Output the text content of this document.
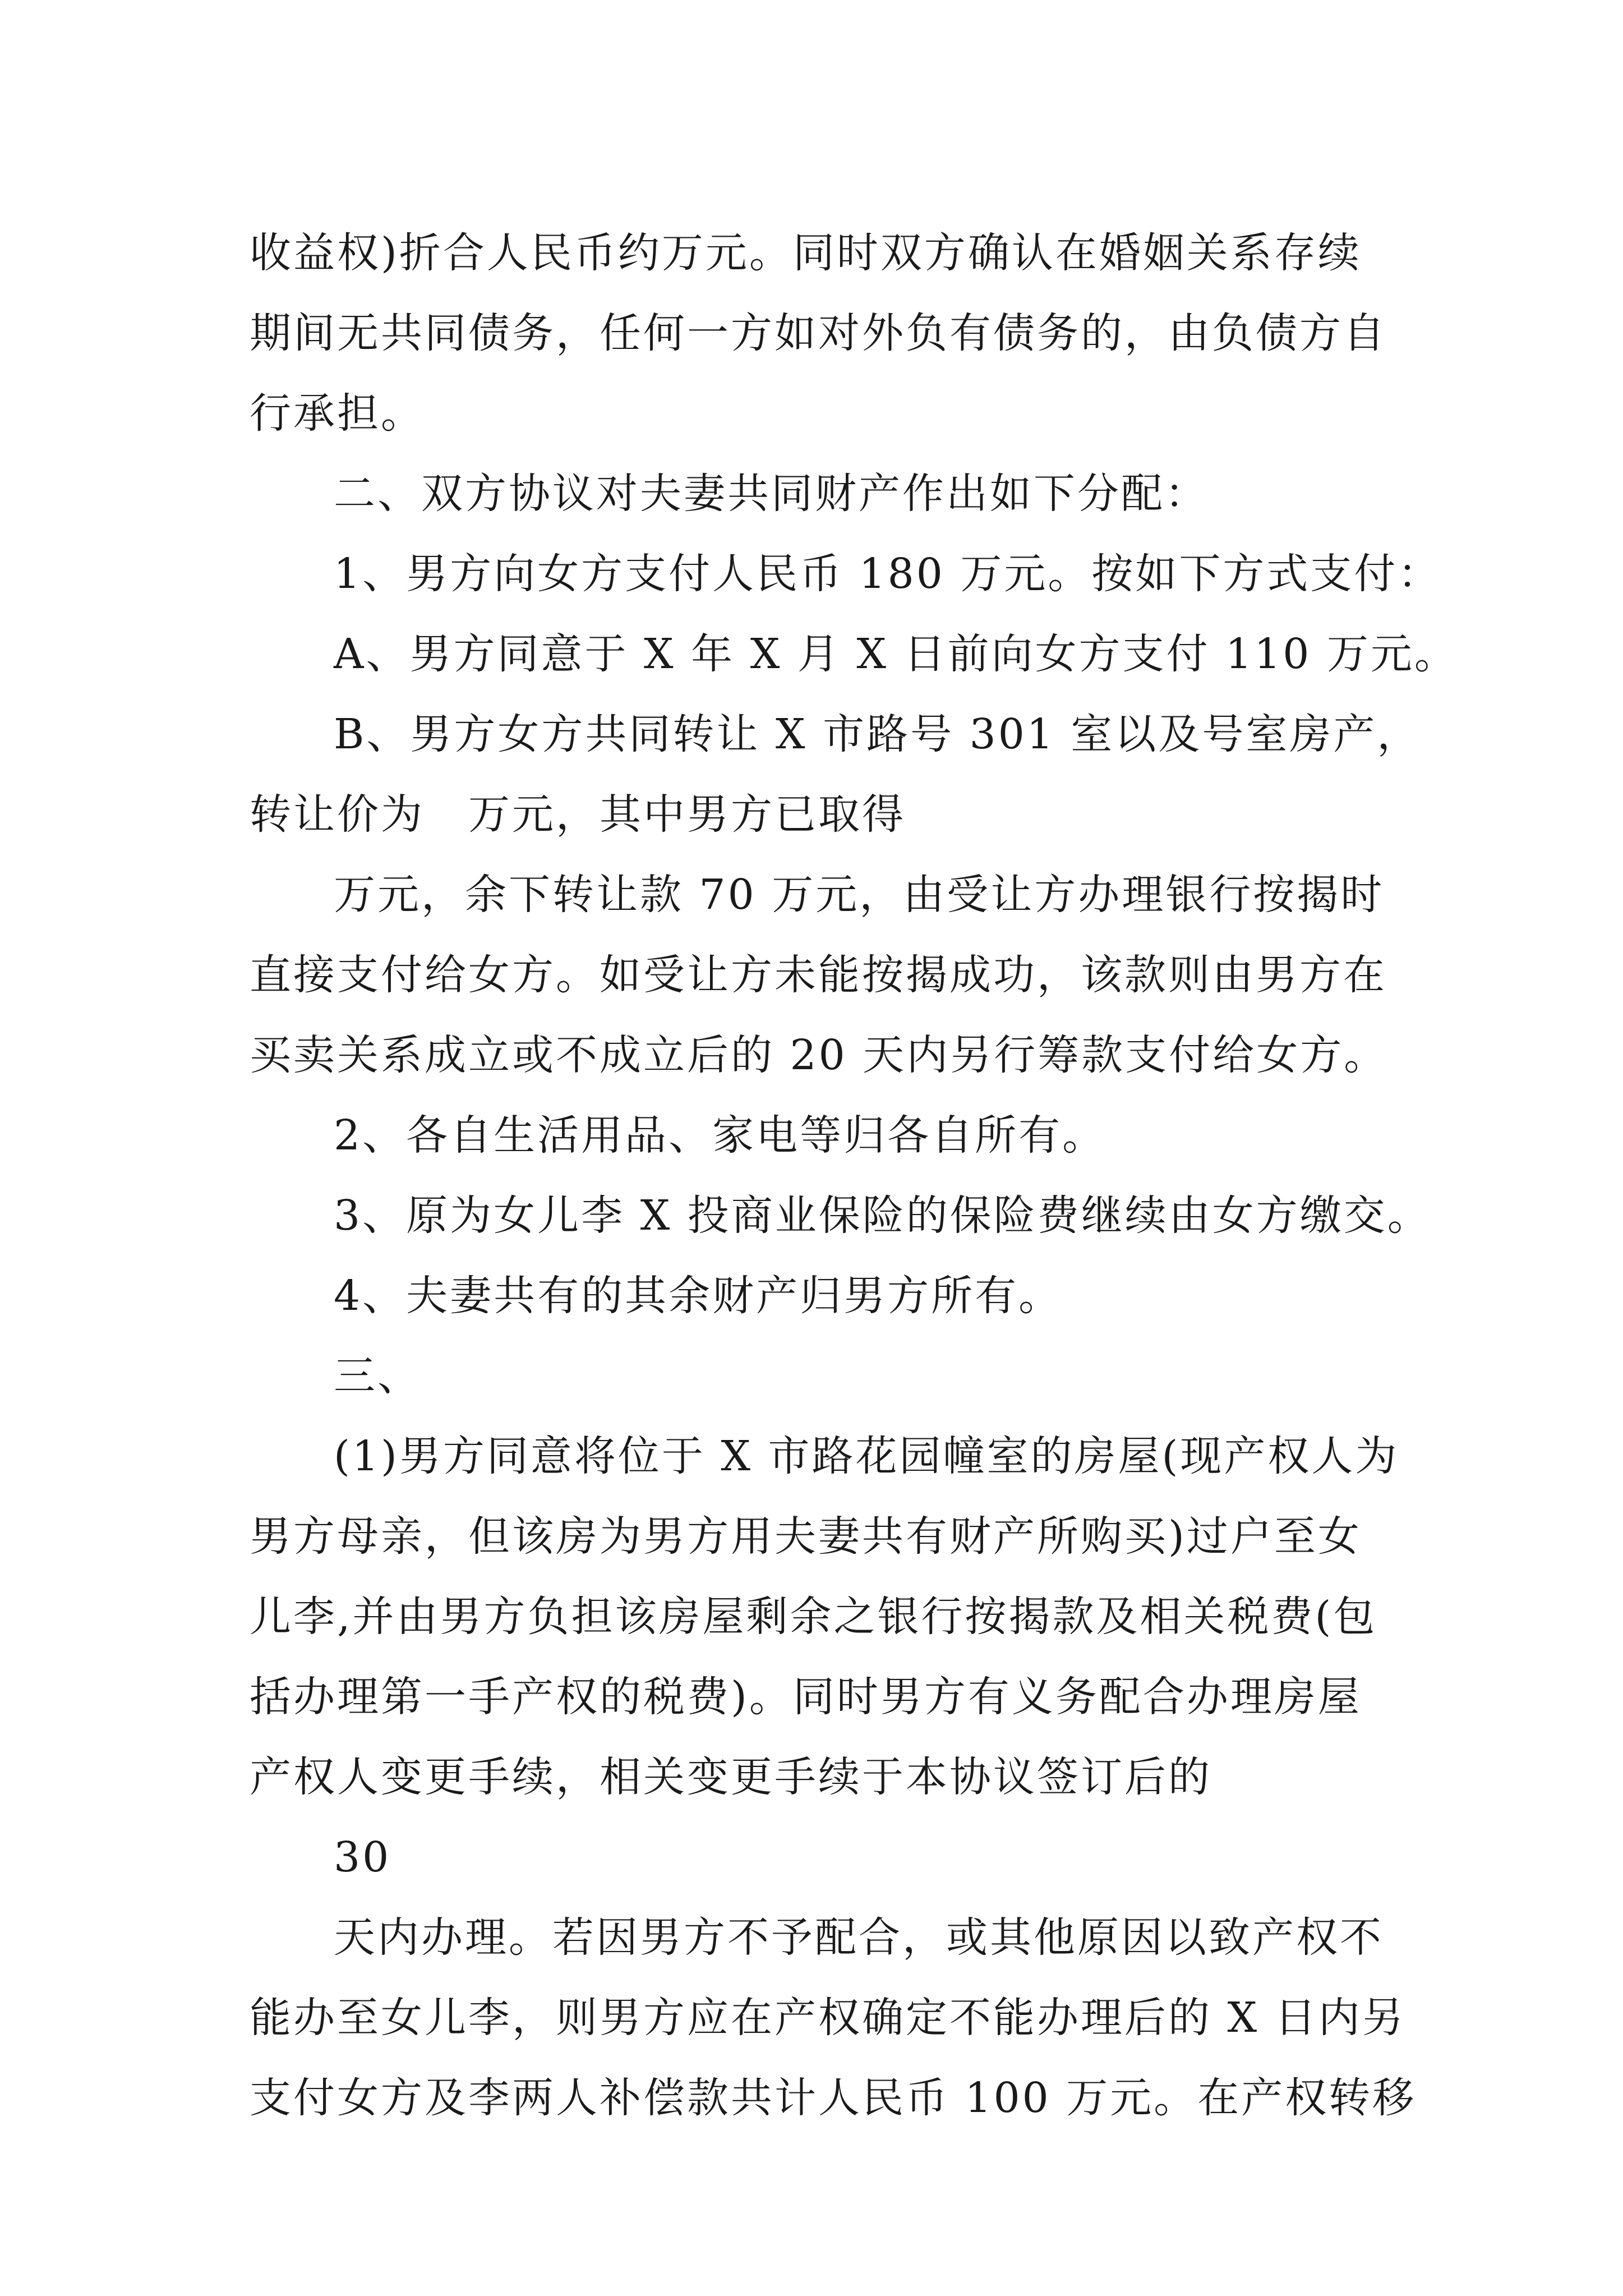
收益权)折合人民币约万元。同时双方确认在婚姻关系存续
期间无共同债务，任何一方如对外负有债务的，由负债方自
行承担。
二、双方协议对夫妻共同财产作出如下分配：
1、男方向女方支付人民币 180 万元。按如下方式支付：
A、男方同意于 X 年 X 月 X 日前向女方支付 110 万元。
B、男方女方共同转让 X 市路号 301 室以及号室房产，
转让价为　万元，其中男方已取得
万元，余下转让款 70 万元，由受让方办理银行按揭时
直接支付给女方。如受让方未能按揭成功，该款则由男方在
买卖关系成立或不成立后的 20 天内另行筹款支付给女方。
2、各自生活用品、家电等归各自所有。
3、原为女儿李 X 投商业保险的保险费继续由女方缴交。
4、夫妻共有的其余财产归男方所有。
三、
(1)男方同意将位于 X 市路花园幢室的房屋(现产权人为
男方母亲，但该房为男方用夫妻共有财产所购买)过户至女
儿李,并由男方负担该房屋剩余之银行按揭款及相关税费(包
括办理第一手产权的税费)。同时男方有义务配合办理房屋
产权人变更手续，相关变更手续于本协议签订后的
30
天内办理。若因男方不予配合，或其他原因以致产权不
能办至女儿李，则男方应在产权确定不能办理后的 X 日内另
支付女方及李两人补偿款共计人民币 100 万元。在产权转移
